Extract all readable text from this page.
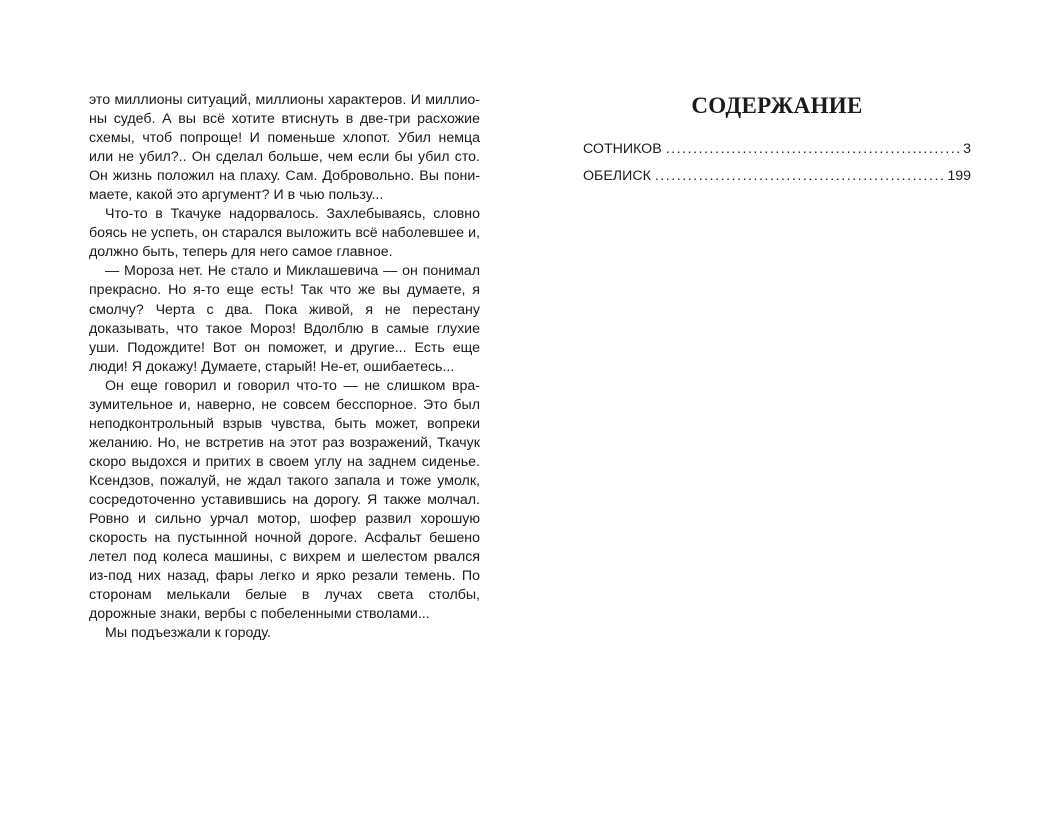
это миллионы ситуаций, миллионы характеров. И миллионы судеб. А вы всё хотите втиснуть в две-три расхожие схемы, чтоб попроще! И поменьше хлопот. Убил немца или не убил?.. Он сделал больше, чем если бы убил сто. Он жизнь положил на плаху. Сам. Добровольно. Вы понимаете, какой это аргумент? И в чью пользу...

Что-то в Ткачуке надорвалось. Захлебываясь, словно боясь не успеть, он старался выложить всё наболевшее и, должно быть, теперь для него самое главное.

— Мороза нет. Не стало и Миклашевича — он понимал прекрасно. Но я-то еще есть! Так что же вы думаете, я смолчу? Черта с два. Пока живой, я не перестану доказывать, что такое Мороз! Вдолблю в самые глухие уши. Подождите! Вот он поможет, и другие... Есть еще люди! Я докажу! Думаете, старый! Не-ет, ошибаетесь...

Он еще говорил и говорил что-то — не слишком вразумительное и, наверно, не совсем бесспорное. Это был неподконтрольный взрыв чувства, быть может, вопреки желанию. Но, не встретив на этот раз возражений, Ткачук скоро выдохся и притих в своем углу на заднем сиденье. Ксендзов, пожалуй, не ждал такого запала и тоже умолк, сосредоточенно уставившись на дорогу. Я также молчал. Ровно и сильно урчал мотор, шофер развил хорошую скорость на пустынной ночной дороге. Асфальт бешено летел под колеса машины, с вихрем и шелестом рвался из-под них назад, фары легко и ярко резали темень. По сторонам мелькали белые в лучах света столбы, дорожные знаки, вербы с побеленными стволами...

Мы подъезжали к городу.

СОДЕРЖАНИЕ
СОТНИКОВ . . .	3
ОБЕЛИСК . . .	199
